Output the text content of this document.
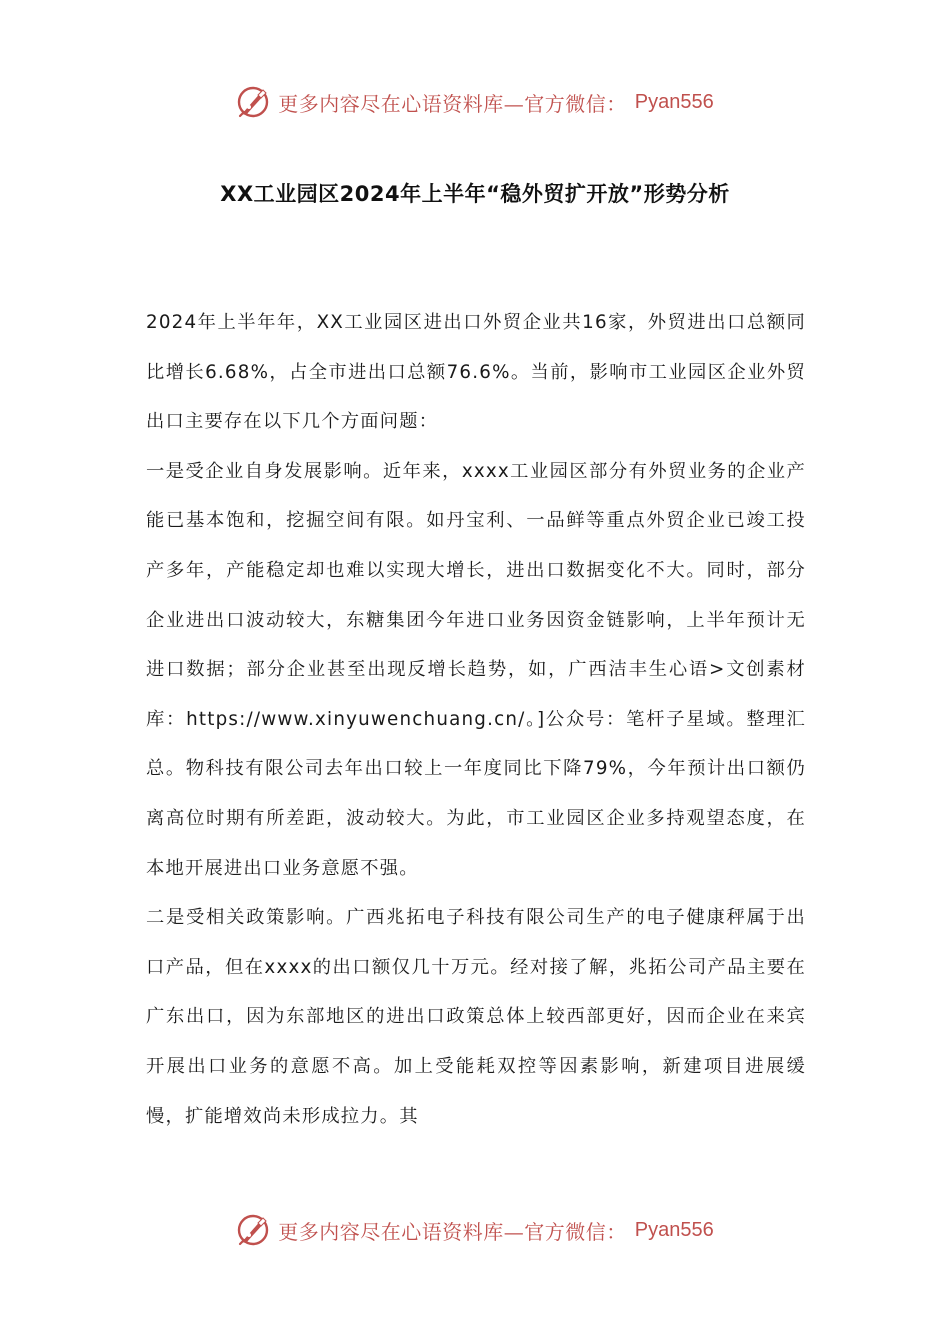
更多内容尽在心语资料库—官方微信： Pyan556
XX工业园区2024年上半年“稳外贸扩开放”形势分析

2024年上半年年，XX工业园区进出口外贸企业共16家，外贸进出口总额同比增长6.68%，占全市进出口总额76.6%。当前，影响市工业园区企业外贸出口主要存在以下几个方面问题：

一是受企业自身发展影响。近年来，xxxx工业园区部分有外贸业务的企业产能已基本饱和，挖掘空间有限。如丹宝利、一品鲜等重点外贸企业已竣工投产多年，产能稳定却也难以实现大增长，进出口数据变化不大。同时，部分企业进出口波动较大，东糖集团今年进口业务因资金链影响，上半年预计无进口数据；部分企业甚至出现反增长趋势，如，广西洁丰生心语>文创素材库：https://www.xinyuwenchuang.cn/。]公众号：笔杆子星域。整理汇总。物科技有限公司去年出口较上一年度同比下降79%，今年预计出口额仍离高位时期有所差距，波动较大。为此，市工业园区企业多持观望态度，在本地开展进出口业务意愿不强。

二是受相关政策影响。广西兆拓电子科技有限公司生产的电子健康秤属于出口产品，但在xxxx的出口额仅几十万元。经对接了解，兆拓公司产品主要在广东出口，因为东部地区的进出口政策总体上较西部更好，因而企业在来宾开展出口业务的意愿不高。加上受能耗双控等因素影响，新建项目进展缓慢，扩能增效尚未形成拉力。其

更多内容尽在心语资料库—官方微信： Pyan556
